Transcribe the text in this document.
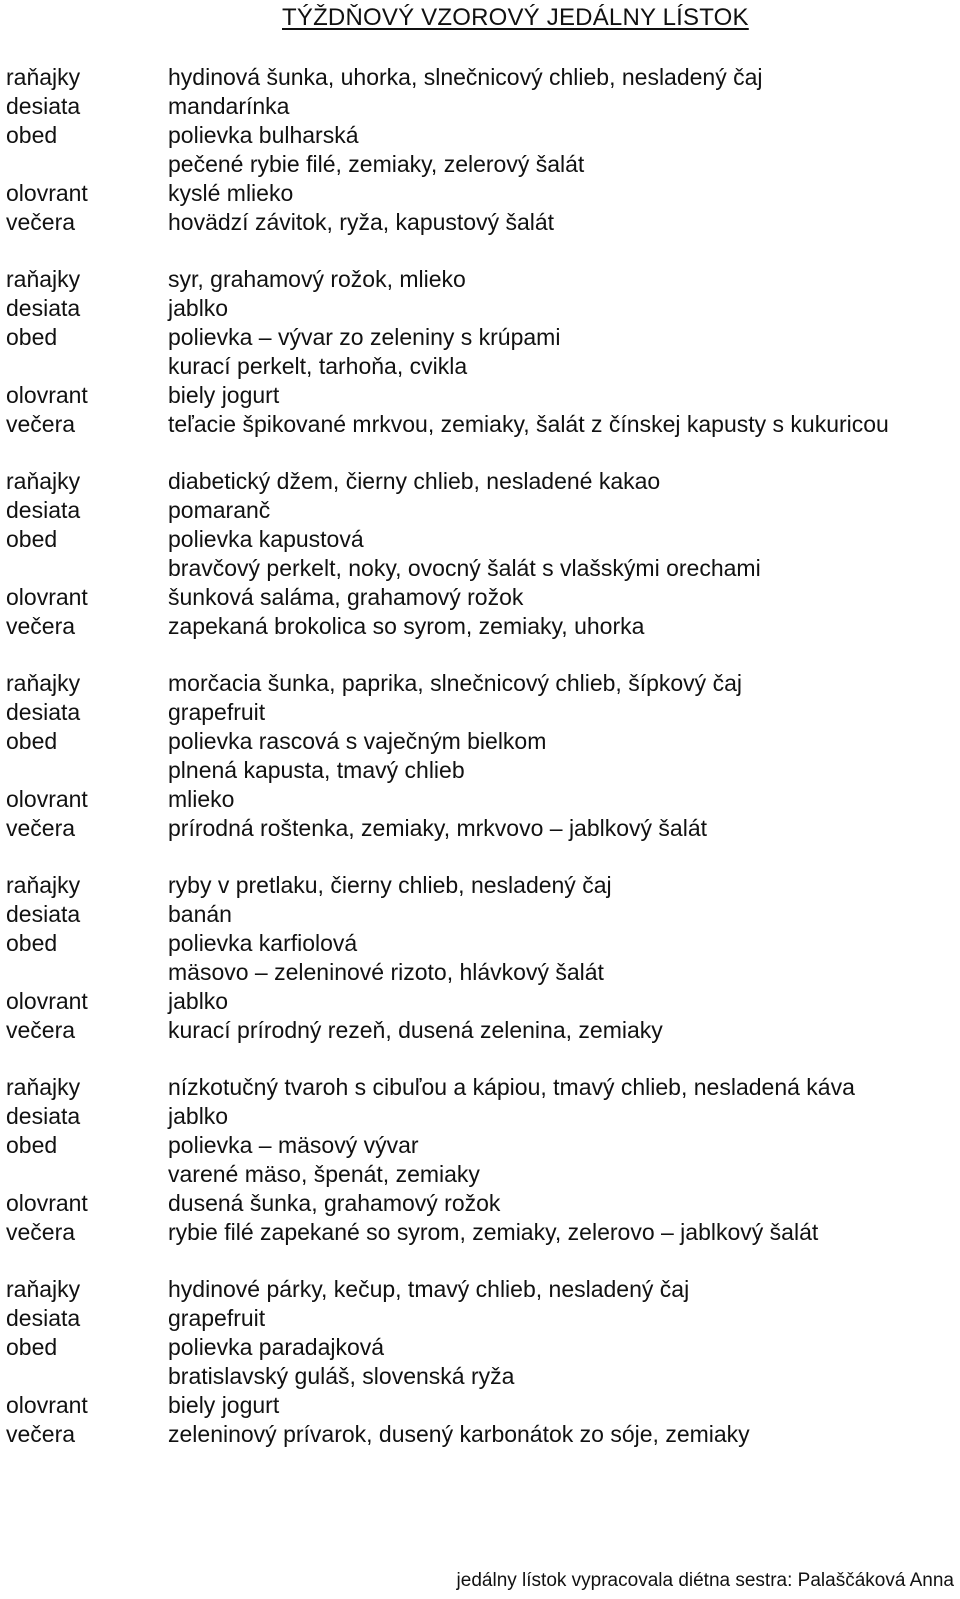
TÝŽDŇOVÝ VZOROVÝ JEDÁLNY LÍSTOK
raňajky	hydinová šunka, uhorka, slnečnicový chlieb, nesladený čaj
desiata	mandarínka
obed	polievka bulharská
pečené rybie filé, zemiaky, zelerový šalát
olovrant	kyslé mlieko
večera	hovädzí závitok, ryža, kapustový šalát
raňajky	syr, grahamový rožok, mlieko
desiata	jablko
obed	polievka – vývar zo zeleniny s krúpami
kurací perkelt, tarhoňa, cvikla
olovrant	biely jogurt
večera	teľacie špikované mrkvou, zemiaky, šalát z čínskej kapusty s kukuricou
raňajky	diabetický džem, čierny chlieb, nesladené kakao
desiata	pomaranč
obed	polievka kapustová
bravčový perkelt, noky, ovocný šalát s vlašskými orechami
olovrant	šunková saláma, grahamový rožok
večera	zapekaná brokolica so syrom, zemiaky, uhorka
raňajky	morčacia šunka, paprika, slnečnicový chlieb, šípkový čaj
desiata	grapefruit
obed	polievka rascová s vaječným bielkom
plnená kapusta, tmavý chlieb
olovrant	mlieko
večera	prírodná roštenka, zemiaky, mrkvovo – jablkový šalát
raňajky	ryby v pretlaku, čierny chlieb, nesladený čaj
desiata	banán
obed	polievka karfiolová
mäsovo – zeleninové rizoto, hlávkový šalát
olovrant	jablko
večera	kurací prírodný rezeň, dusená zelenina, zemiaky
raňajky	nízkotučný tvaroh s cibuľou a kápiou, tmavý chlieb, nesladená káva
desiata	jablko
obed	polievka – mäsový vývar
varené mäso, špenát, zemiaky
olovrant	dusená šunka, grahamový rožok
večera	rybie filé zapekané so syrom, zemiaky, zelerovo – jablkový šalát
raňajky	hydinové párky, kečup, tmavý chlieb, nesladený čaj
desiata	grapefruit
obed	polievka paradajková
bratislavský guláš, slovenská ryža
olovrant	biely jogurt
večera	zeleninový prívarok, dusený karbonátok zo sóje, zemiaky
jedálny lístok vypracovala diétna sestra: Palaščáková Anna
